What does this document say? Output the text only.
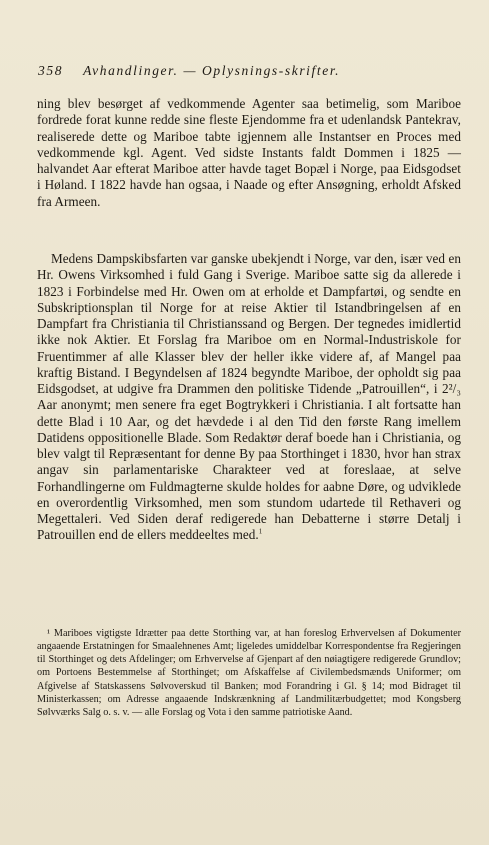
358 Avhandlinger. — Oplysnings-skrifter.
ning blev besørget af vedkommende Agenter saa betimelig, som Mariboe fordrede forat kunne redde sine fleste Ejendomme fra et udenlandsk Pantekrav, realiserede dette og Mariboe tabte igjennem alle Instantser en Proces med vedkommende kgl. Agent. Ved sidste Instants faldt Dommen i 1825 — halvandet Aar efterat Mariboe atter havde taget Bopæl i Norge, paa Eidsgodset i Høland. I 1822 havde han ogsaa, i Naade og efter Ansøgning, erholdt Afsked fra Armeen.
Medens Dampskibsfarten var ganske ubekjendt i Norge, var den, især ved en Hr. Owens Virksomhed i fuld Gang i Sverige. Mariboe satte sig da allerede i 1823 i Forbindelse med Hr. Owen om at erholde et Dampfartøi, og sendte en Subskriptionsplan til Norge for at reise Aktier til Istandbringelsen af en Dampfart fra Christiania til Christianssand og Bergen. Der tegnedes imidlertid ikke nok Aktier. Et Forslag fra Mariboe om en Normal-Industriskole for Fruentimmer af alle Klasser blev der heller ikke videre af, af Mangel paa kraftig Bistand. I Begyndelsen af 1824 begyndte Mariboe, der opholdt sig paa Eidsgodset, at udgive fra Drammen den politiske Tidende „Patrouillen“, i 2²/₃ Aar anonymt; men senere fra eget Bogtrykkeri i Christiania. I alt fortsatte han dette Blad i 10 Aar, og det hævdede i al den Tid den første Rang imellem Datidens oppositionelle Blade. Som Redaktør deraf boede han i Christiania, og blev valgt til Repræsentant for denne By paa Storthinget i 1830, hvor han strax angav sin parlamentariske Charakteer ved at foreslaae, at selve Forhandlingerne om Fuldmagterne skulde holdes for aabne Døre, og udviklede en overordentlig Virksomhed, men som stundom udartede til Rethaveri og Megettaleri. Ved Siden deraf redigerede han Debatterne i større Detalj i Patrouillen end de ellers meddeeltes med.$^1$
¹ Mariboes vigtigste Idrætter paa dette Storthing var, at han foreslog Erhvervelsen af Dokumenter angaaende Erstatningen for Smaalehnenes Amt; ligeledes umiddelbar Korrespondentse fra Regjeringen til Storthinget og dets Afdelinger; om Erhvervelse af Gjenpart af den nøiagtigere redigerede Grundlov; om Portoens Bestemmelse af Storthinget; om Afskaffelse af Civilembedsmænds Uniformer; om Afgivelse af Statskassens Sølvoverskud til Banken; mod Forandring i Gl. § 14; mod Bidraget til Ministerkassen; om Adresse angaaende Indskrænkning af Landmilitærbudgettet; mod Kongsberg Sølvværks Salg o. s. v. — alle Forslag og Vota i den samme patriotiske Aand.
